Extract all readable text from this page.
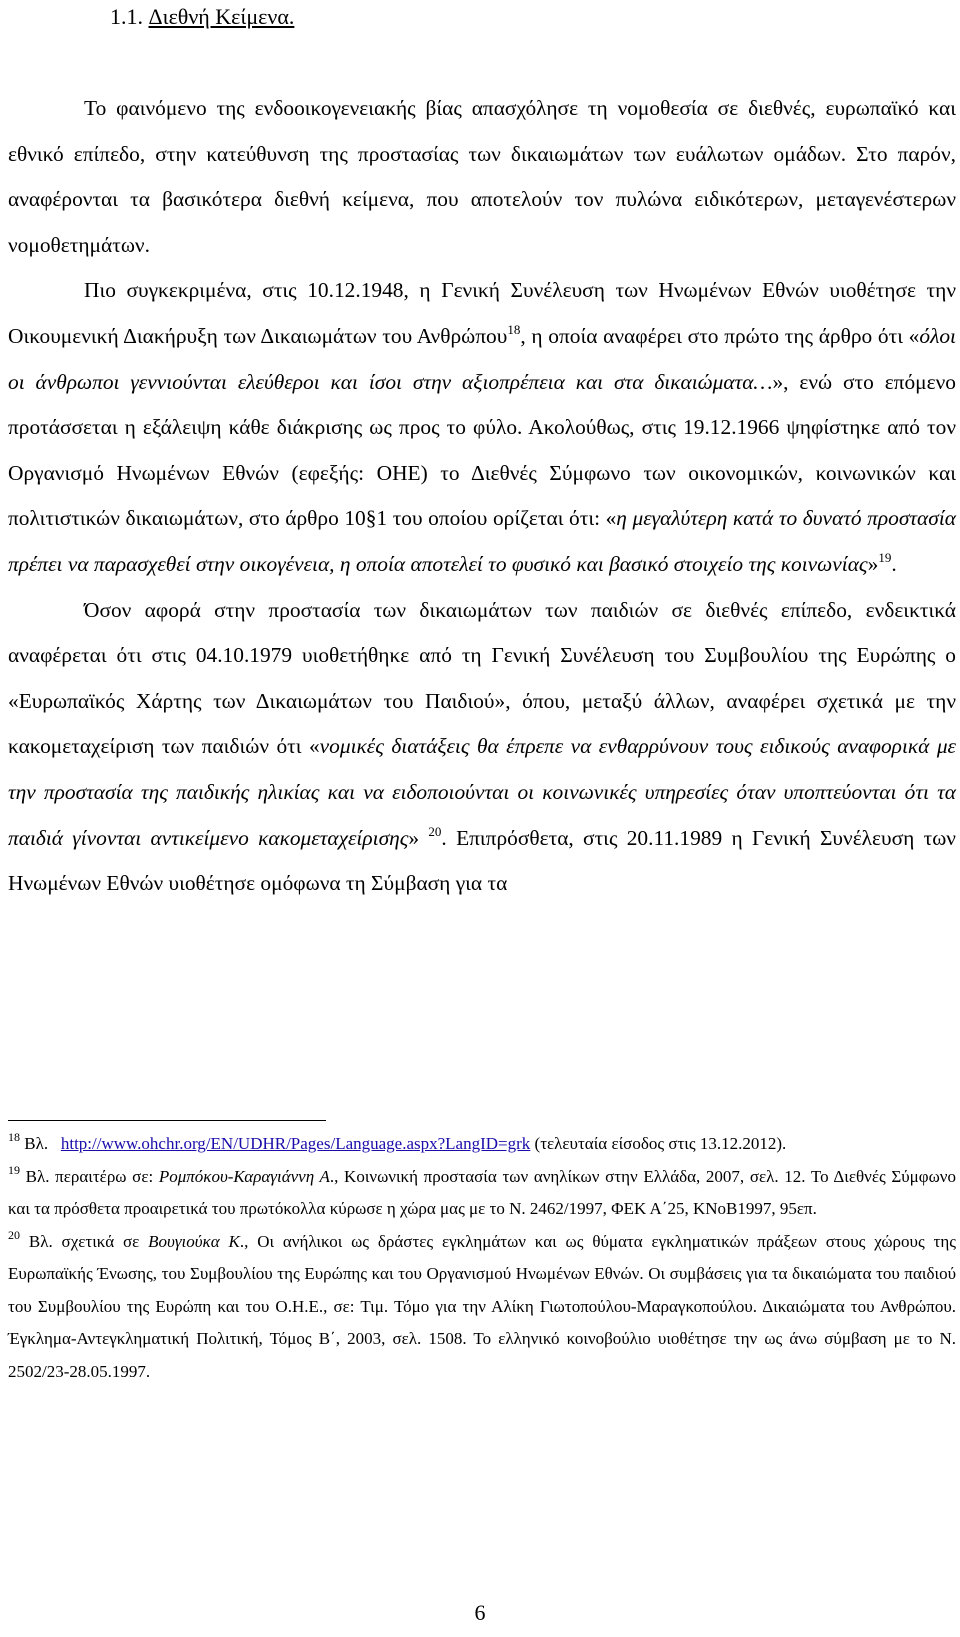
1.1. Διεθνή Κείμενα.

Το φαινόμενο της ενδοοικογενειακής βίας απασχόλησε τη νομοθεσία σε διεθνές, ευρωπαϊκό και εθνικό επίπεδο, στην κατεύθυνση της προστασίας των δικαιωμάτων των ευάλωτων ομάδων. Στο παρόν, αναφέρονται τα βασικότερα διεθνή κείμενα, που αποτελούν τον πυλώνα ειδικότερων, μεταγενέστερων νομοθετημάτων.

Πιο συγκεκριμένα, στις 10.12.1948, η Γενική Συνέλευση των Ηνωμένων Εθνών υιοθέτησε την Οικουμενική Διακήρυξη των Δικαιωμάτων του Ανθρώπου$^{18}$, η οποία αναφέρει στο πρώτο της άρθρο ότι «όλοι οι άνθρωποι γεννιούνται ελεύθεροι και ίσοι στην αξιοπρέπεια και στα δικαιώματα…», ενώ στο επόμενο προτάσσεται η εξάλειψη κάθε διάκρισης ως προς το φύλο. Ακολούθως, στις 19.12.1966 ψηφίστηκε από τον Οργανισμό Ηνωμένων Εθνών (εφεξής: ΟΗΕ) το Διεθνές Σύμφωνο των οικονομικών, κοινωνικών και πολιτιστικών δικαιωμάτων, στο άρθρο 10§1 του οποίου ορίζεται ότι: «η μεγαλύτερη κατά το δυνατό προστασία πρέπει να παρασχεθεί στην οικογένεια, η οποία αποτελεί το φυσικό και βασικό στοιχείο της κοινωνίας»$^{19}$.

Όσον αφορά στην προστασία των δικαιωμάτων των παιδιών σε διεθνές επίπεδο, ενδεικτικά αναφέρεται ότι στις 04.10.1979 υιοθετήθηκε από τη Γενική Συνέλευση του Συμβουλίου της Ευρώπης ο «Ευρωπαϊκός Χάρτης των Δικαιωμάτων του Παιδιού», όπου, μεταξύ άλλων, αναφέρει σχετικά με την κακομεταχείριση των παιδιών ότι «νομικές διατάξεις θα έπρεπε να ενθαρρύνουν τους ειδικούς αναφορικά με την προστασία της παιδικής ηλικίας και να ειδοποιούνται οι κοινωνικές υπηρεσίες όταν υποπτεύονται ότι τα παιδιά γίνονται αντικείμενο κακομεταχείρισης» $^{20}$. Επιπρόσθετα, στις 20.11.1989 η Γενική Συνέλευση των Ηνωμένων Εθνών υιοθέτησε ομόφωνα τη Σύμβαση για τα

$^{18}$ Βλ.   http://www.ohchr.org/EN/UDHR/Pages/Language.aspx?LangID=grk (τελευταία είσοδος στις 13.12.2012).

$^{19}$ Βλ. περαιτέρω σε: Ρομπόκου-Καραγιάννη Α., Κοινωνική προστασία των ανηλίκων στην Ελλάδα, 2007, σελ. 12. Το Διεθνές Σύμφωνο και τα πρόσθετα προαιρετικά του πρωτόκολλα κύρωσε η χώρα μας με το Ν. 2462/1997, ΦΕΚ Α΄25, ΚΝοΒ1997, 95επ.

$^{20}$ Βλ. σχετικά σε Βουγιούκα Κ., Οι ανήλικοι ως δράστες εγκλημάτων και ως θύματα εγκληματικών πράξεων στους χώρους της Ευρωπαϊκής Ένωσης, του Συμβουλίου της Ευρώπης και του Οργανισμού Ηνωμένων Εθνών. Οι συμβάσεις για τα δικαιώματα του παιδιού του Συμβουλίου της Ευρώπη και του Ο.Η.Ε., σε: Τιμ. Τόμο για την Αλίκη Γιωτοπούλου-Μαραγκοπούλου. Δικαιώματα του Ανθρώπου. Έγκλημα-Αντεγκληματική Πολιτική, Τόμος Β΄, 2003, σελ. 1508. Το ελληνικό κοινοβούλιο υιοθέτησε την ως άνω σύμβαση με το Ν. 2502/23-28.05.1997.

6
